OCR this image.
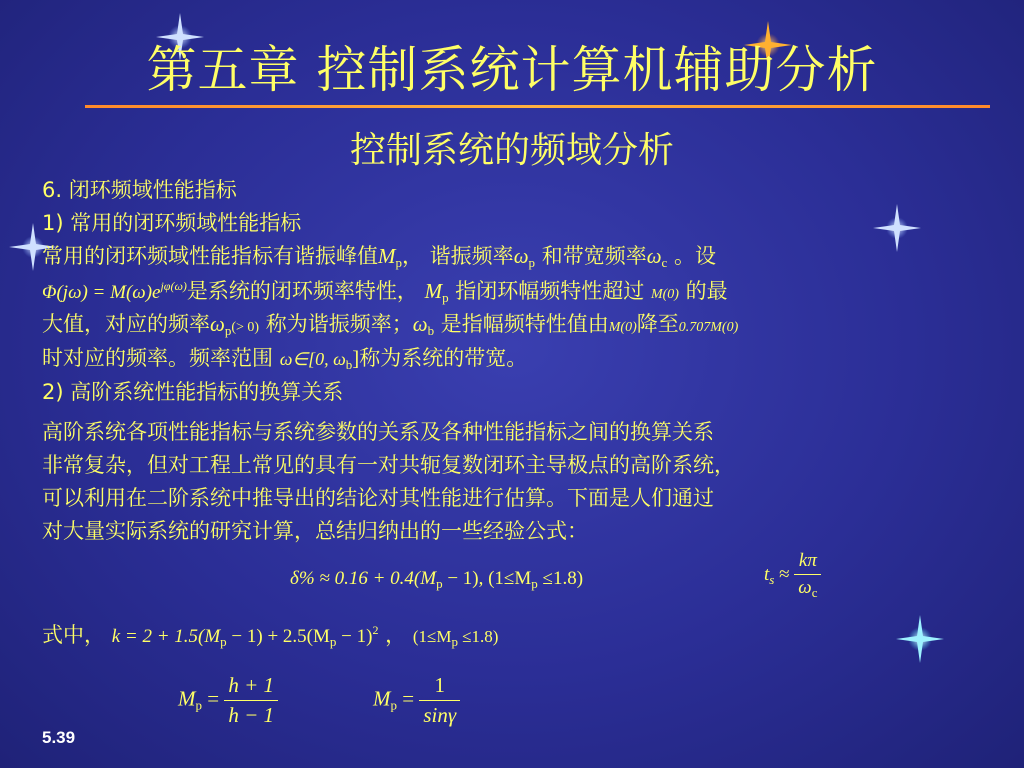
第五章 控制系统计算机辅助分析
控制系统的频域分析
6. 闭环频域性能指标
1) 常用的闭环频域性能指标
常用的闭环频域性能指标有谐振峰值$M_p$， 谐振频率$\omega_p$ 和带宽频率$\omega_c$ 。设
$\Phi(j\omega) = M(\omega)e^{j\varphi(\omega)}$是系统的闭环频率特性， $M_p$ 指闭环幅频特性超过 M(0) 的最
大值，对应的频率$\omega_p(> 0)$ 称为谐振频率；$\omega_b$ 是指幅频特性值由M(0)降至0.707M(0)
时对应的频率。频率范围 ω∈[0, $\omega_b$]称为系统的带宽。
2) 高阶系统性能指标的换算关系
高阶系统各项性能指标与系统参数的关系及各种性能指标之间的换算关系
非常复杂，但对工程上常见的具有一对共轭复数闭环主导极点的高阶系统，
可以利用在二阶系统中推导出的结论对其性能进行估算。下面是人们通过
对大量实际系统的研究计算，总结归纳出的一些经验公式：
$\delta\% \approx 0.16 + 0.4(M_p - 1)$, $(1\le M_p \le 1.8)$	$t_s \approx \frac{k\pi}{\omega_c}$
式中， $k = 2 + 1.5(M_p - 1) + 2.5(M_p - 1)^2$ ， $(1\le M_p \le 1.8)$
$M_p = \frac{h + 1}{h - 1}$	$M_p = \frac{1}{\sin\gamma}$
5.39
